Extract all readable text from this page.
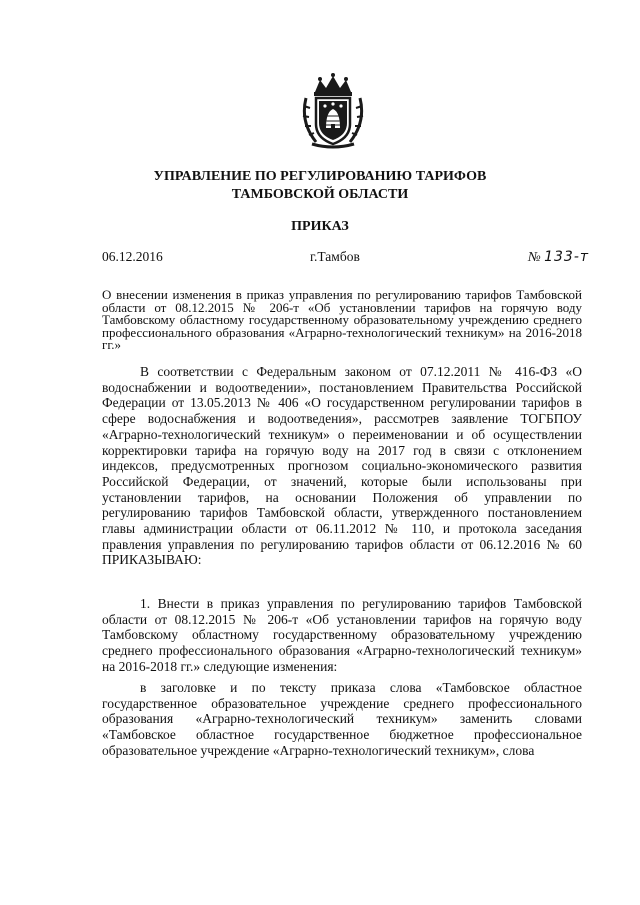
УПРАВЛЕНИЕ ПО РЕГУЛИРОВАНИЮ ТАРИФОВ
ТАМБОВСКОЙ ОБЛАСТИ
ПРИКАЗ
06.12.2016	г.Тамбов	№ 133-т

О внесении изменения в приказ управления по регулированию тарифов Тамбовской области от 08.12.2015 № 206-т «Об установлении тарифов на горячую воду Тамбовскому областному государственному образовательному учреждению среднего профессионального образования «Аграрно-технологический техникум» на 2016-2018 гг.»

В соответствии с Федеральным законом от 07.12.2011 № 416-ФЗ «О водоснабжении и водоотведении», постановлением Правительства Российской Федерации от 13.05.2013 № 406 «О государственном регулировании тарифов в сфере водоснабжения и водоотведения», рассмотрев заявление ТОГБПОУ «Аграрно-технологический техникум» о переименовании и об осуществлении корректировки тарифа на горячую воду на 2017 год в связи с отклонением индексов, предусмотренных прогнозом социально-экономического развития Российской Федерации, от значений, которые были использованы при установлении тарифов, на основании Положения об управлении по регулированию тарифов Тамбовской области, утвержденного постановлением главы администрации области от 06.11.2012 № 110, и протокола заседания правления управления по регулированию тарифов области от 06.12.2016 № 60 ПРИКАЗЫВАЮ:

1. Внести в приказ управления по регулированию тарифов Тамбовской области от 08.12.2015 № 206-т «Об установлении тарифов на горячую воду Тамбовскому областному государственному образовательному учреждению среднего профессионального образования «Аграрно-технологический техникум» на 2016-2018 гг.» следующие изменения:

в заголовке и по тексту приказа слова «Тамбовское областное государственное образовательное учреждение среднего профессионального образования «Аграрно-технологический техникум» заменить словами «Тамбовское областное государственное бюджетное профессиональное образовательное учреждение «Аграрно-технологический техникум», слова
